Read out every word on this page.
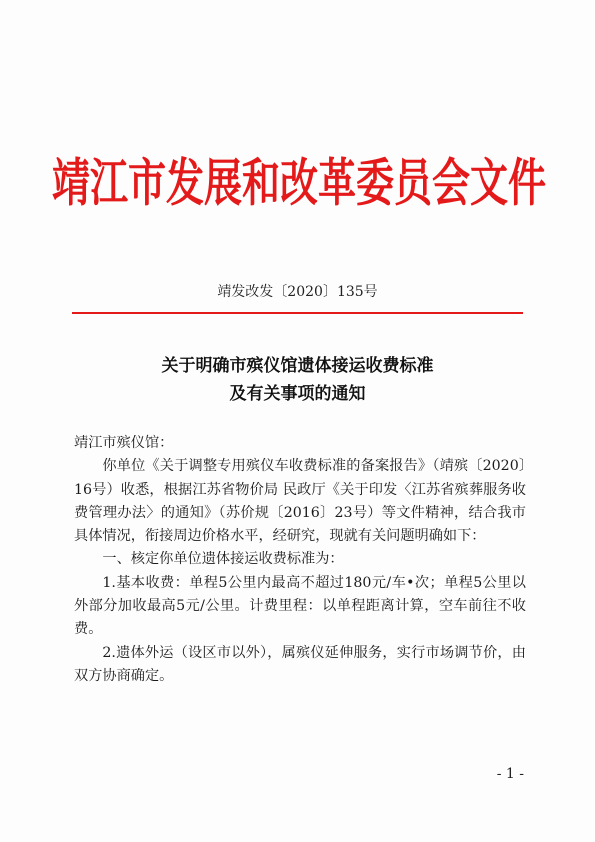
靖江市发展和改革委员会文件
靖发改发〔2020〕135号
关于明确市殡仪馆遗体接运收费标准
及有关事项的通知

靖江市殡仪馆：

你单位《关于调整专用殡仪车收费标准的备案报告》（靖殡〔2020〕16号）收悉，根据江苏省物价局 民政厅《关于印发〈江苏省殡葬服务收费管理办法〉的通知》（苏价规〔2016〕23号）等文件精神，结合我市具体情况，衔接周边价格水平，经研究，现就有关问题明确如下：

一、核定你单位遗体接运收费标准为：

1.基本收费：单程5公里内最高不超过180元/车•次；单程5公里以外部分加收最高5元/公里。计费里程：以单程距离计算，空车前往不收费。

2.遗体外运（设区市以外），属殡仪延伸服务，实行市场调节价，由双方协商确定。

- 1 -
